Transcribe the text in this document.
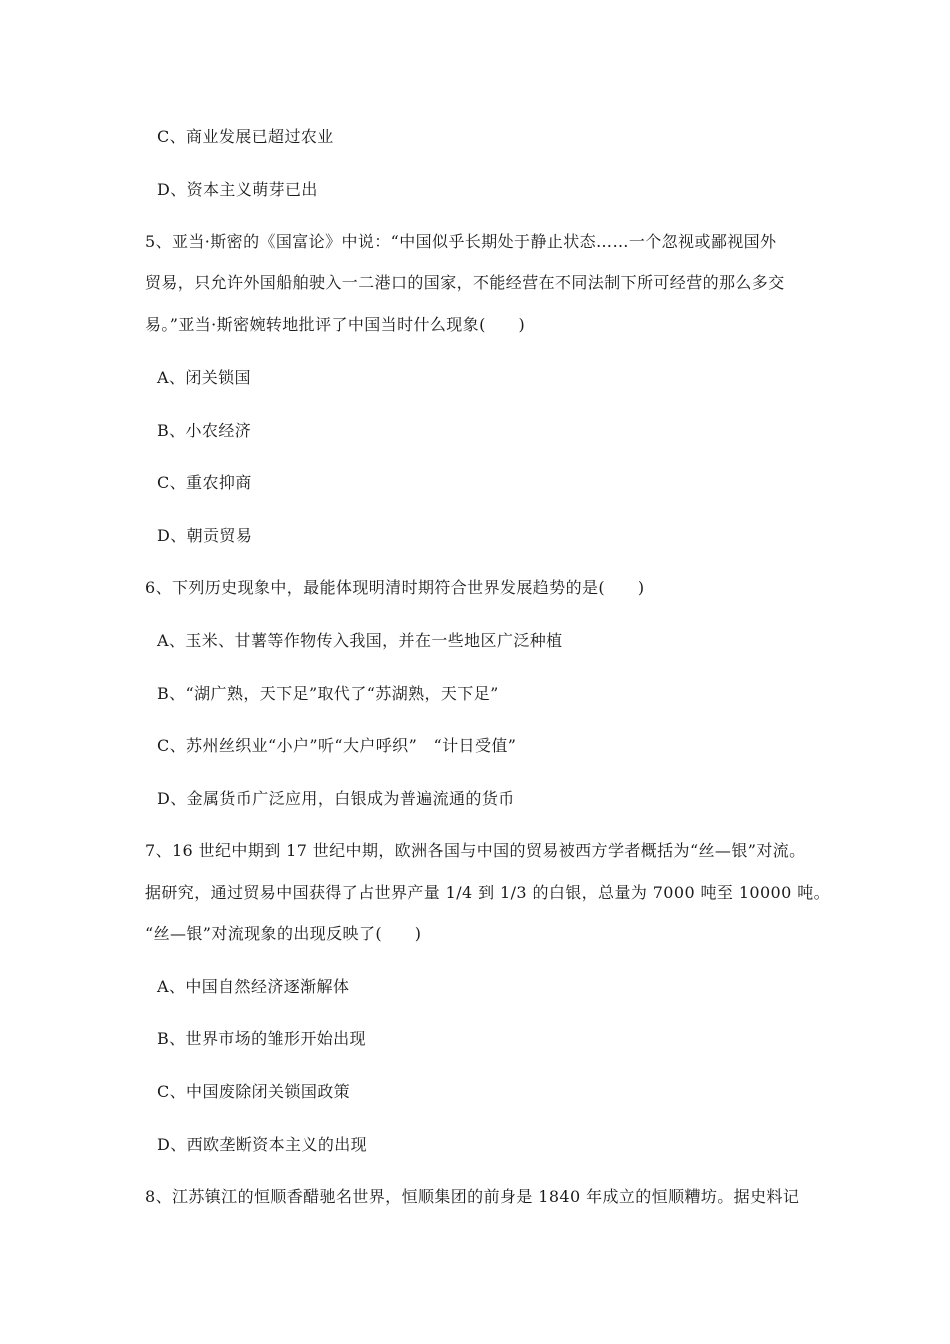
C、商业发展已超过农业
D、资本主义萌芽已出
5、亚当·斯密的《国富论》中说：“中国似乎长期处于静止状态……一个忽视或鄙视国外
贸易，只允许外国船舶驶入一二港口的国家，不能经营在不同法制下所可经营的那么多交
易。”亚当·斯密婉转地批评了中国当时什么现象(　　)
A、闭关锁国
B、小农经济
C、重农抑商
D、朝贡贸易
6、下列历史现象中，最能体现明清时期符合世界发展趋势的是(　　)
A、玉米、甘薯等作物传入我国，并在一些地区广泛种植
B、“湖广熟，天下足”取代了“苏湖熟，天下足”
C、苏州丝织业“小户”听“大户呼织”　“计日受值”
D、金属货币广泛应用，白银成为普遍流通的货币
7、16 世纪中期到 17 世纪中期，欧洲各国与中国的贸易被西方学者概括为“丝—银”对流。
据研究，通过贸易中国获得了占世界产量 1/4 到 1/3 的白银，总量为 7000 吨至 10000 吨。
“丝—银”对流现象的出现反映了(　　)
A、中国自然经济逐渐解体
B、世界市场的雏形开始出现
C、中国废除闭关锁国政策
D、西欧垄断资本主义的出现
8、江苏镇江的恒顺香醋驰名世界，恒顺集团的前身是 1840 年成立的恒顺糟坊。据史料记
